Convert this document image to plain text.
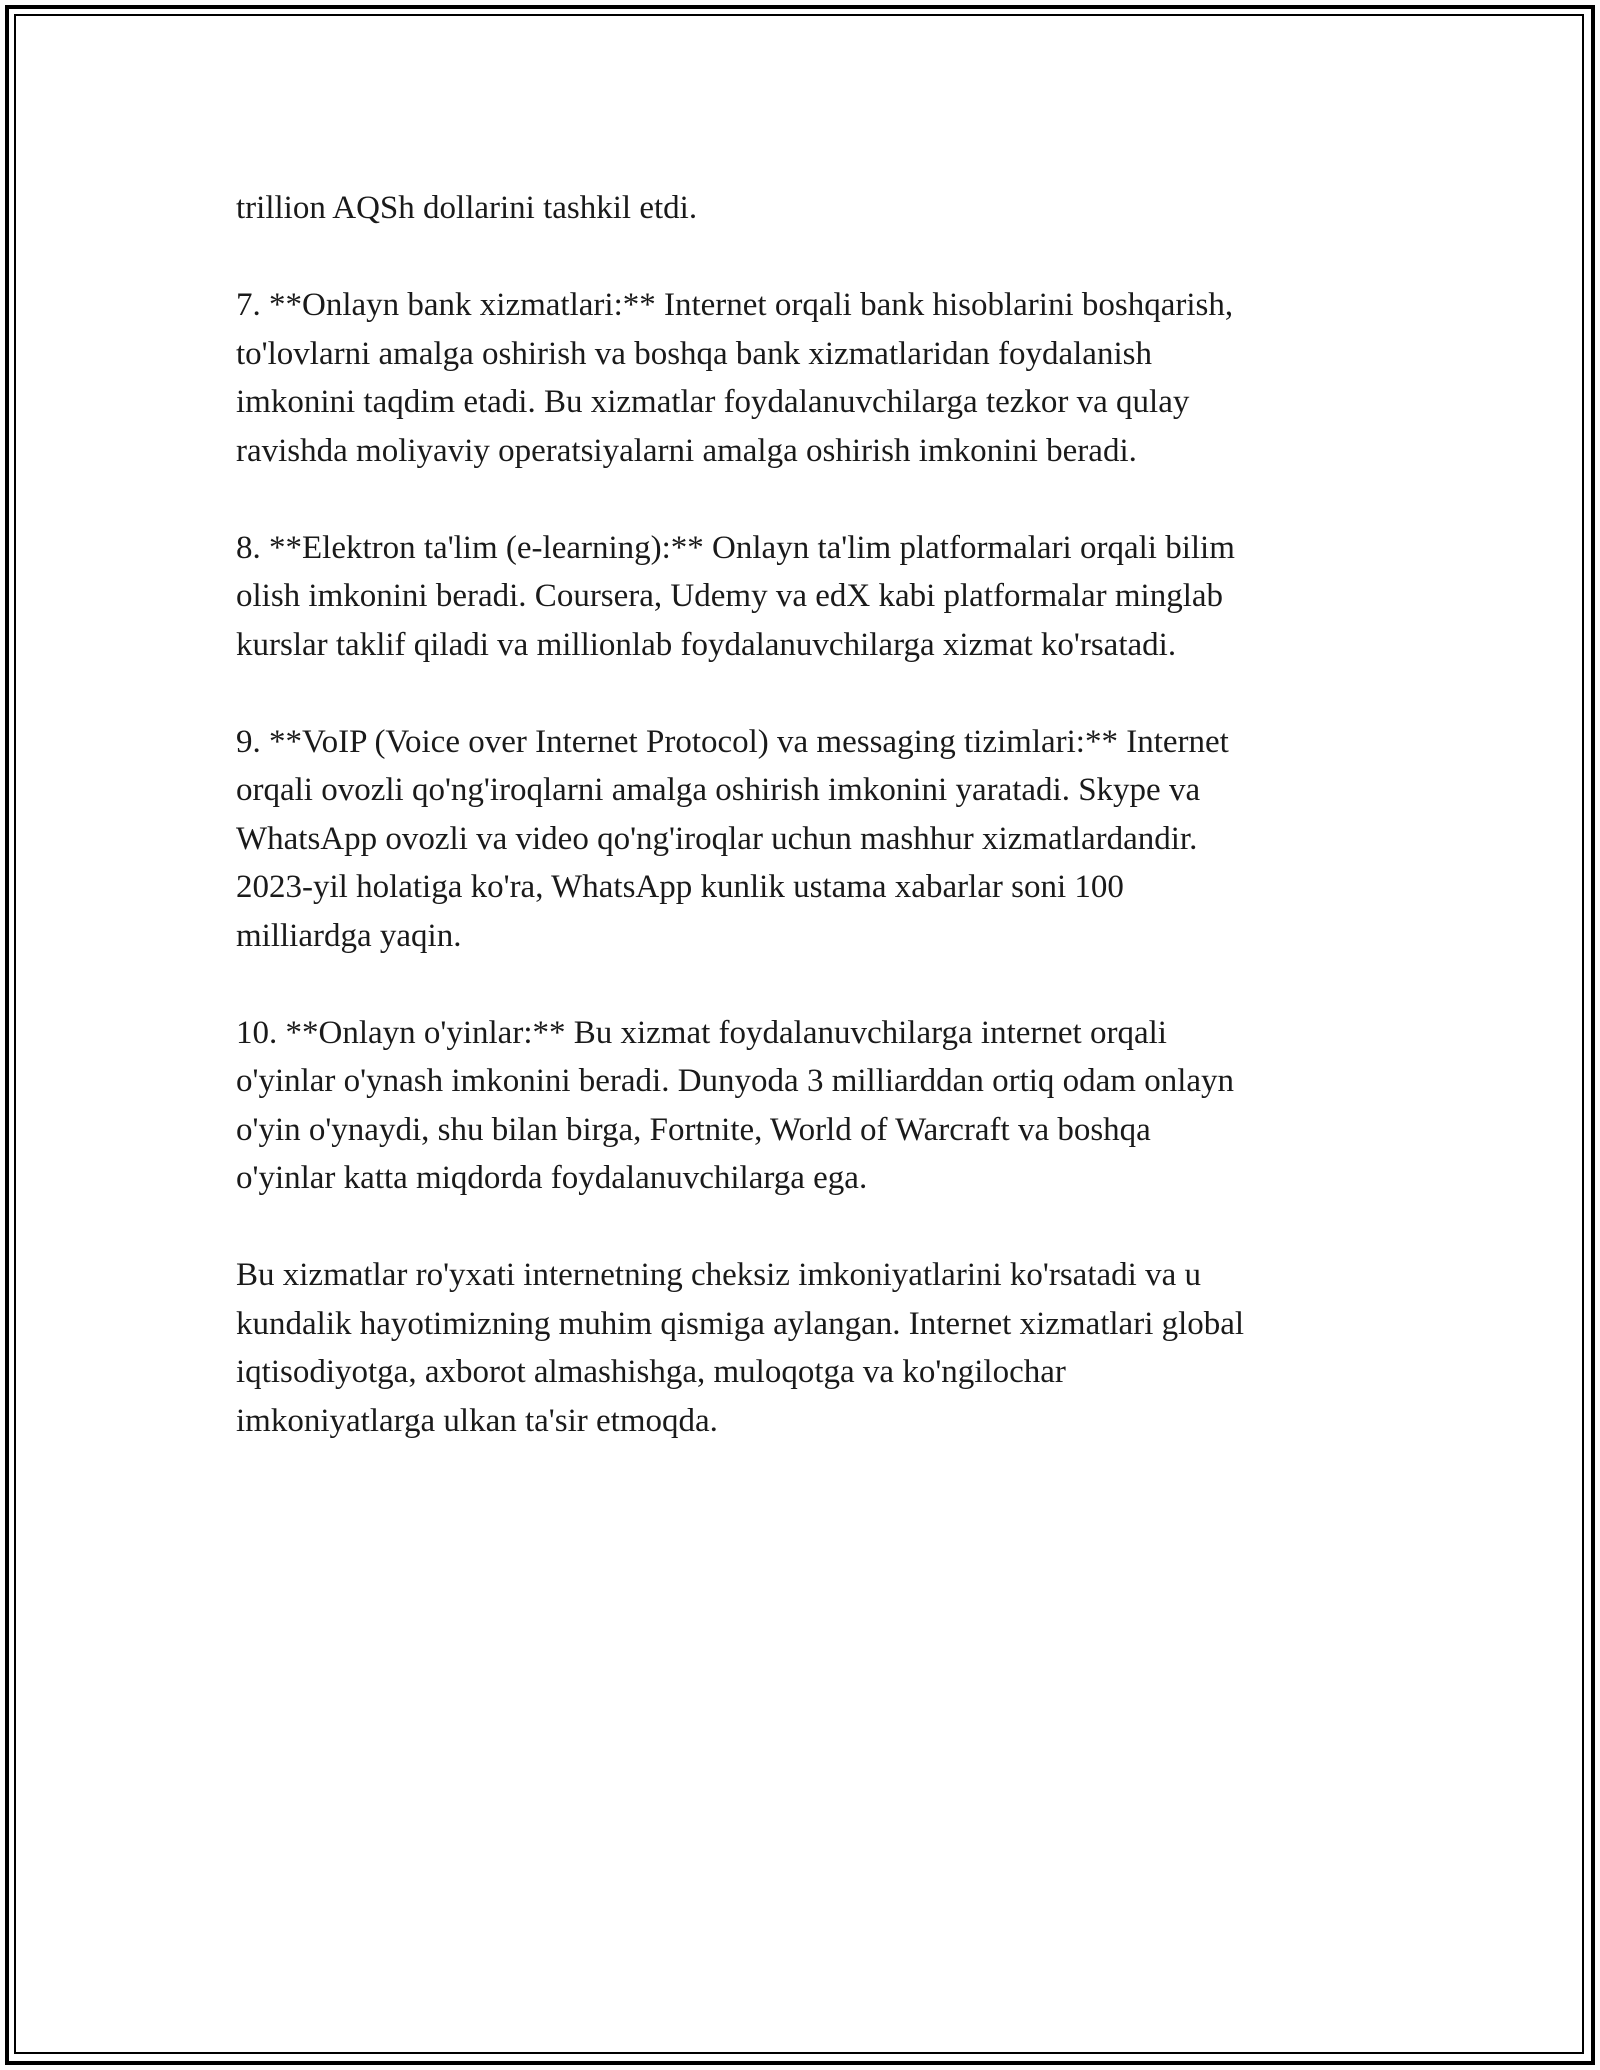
trillion AQSh dollarini tashkil etdi.

7. **Onlayn bank xizmatlari:** Internet orqali bank hisoblarini boshqarish,
to'lovlarni amalga oshirish va boshqa bank xizmatlaridan foydalanish
imkonini taqdim etadi. Bu xizmatlar foydalanuvchilarga tezkor va qulay
ravishda moliyaviy operatsiyalarni amalga oshirish imkonini beradi.

8. **Elektron ta'lim (e-learning):** Onlayn ta'lim platformalari orqali bilim
olish imkonini beradi. Coursera, Udemy va edX kabi platformalar minglab
kurslar taklif qiladi va millionlab foydalanuvchilarga xizmat ko'rsatadi.

9. **VoIP (Voice over Internet Protocol) va messaging tizimlari:** Internet
orqali ovozli qo'ng'iroqlarni amalga oshirish imkonini yaratadi. Skype va
WhatsApp ovozli va video qo'ng'iroqlar uchun mashhur xizmatlardandir.
2023-yil holatiga ko'ra, WhatsApp kunlik ustama xabarlar soni 100
milliardga yaqin.

10. **Onlayn o'yinlar:** Bu xizmat foydalanuvchilarga internet orqali
o'yinlar o'ynash imkonini beradi. Dunyoda 3 milliarddan ortiq odam onlayn
o'yin o'ynaydi, shu bilan birga, Fortnite, World of Warcraft va boshqa
o'yinlar katta miqdorda foydalanuvchilarga ega.

Bu xizmatlar ro'yxati internetning cheksiz imkoniyatlarini ko'rsatadi va u
kundalik hayotimizning muhim qismiga aylangan. Internet xizmatlari global
iqtisodiyotga, axborot almashishga, muloqotga va ko'ngilochar
imkoniyatlarga ulkan ta'sir etmoqda.
